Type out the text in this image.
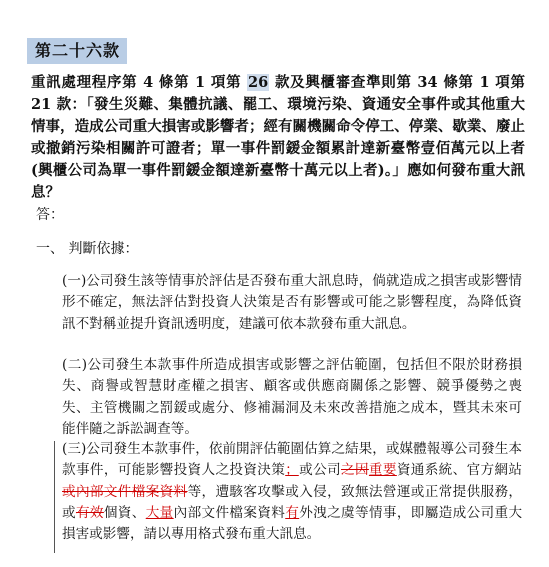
第二十六款
重訊處理程序第 4 條第 1 項第 26 款及興櫃審查準則第 34 條第 1 項第 21 款：「發生災難、集體抗議、罷工、環境污染、資通安全事件或其他重大情事，造成公司重大損害或影響者；經有關機關命令停工、停業、歇業、廢止或撤銷污染相關許可證者；單一事件罰鍰金額累計達新臺幣壹佰萬元以上者(興櫃公司為單一事件罰鍰金額達新臺幣十萬元以上者)。」應如何發布重大訊息？
答：
一、 判斷依據：
(一)公司發生該等情事於評估是否發布重大訊息時，倘就造成之損害或影響情形不確定，無法評估對投資人決策是否有影響或可能之影響程度，為降低資訊不對稱並提升資訊透明度，建議可依本款發布重大訊息。
(二)公司發生本款事件所造成損害或影響之評估範圍，包括但不限於財務損失、商譽或智慧財產權之損害、顧客或供應商關係之影響、競爭優勢之喪失、主管機關之罰鍰或處分、修補漏洞及未來改善措施之成本，暨其未來可能伴隨之訴訟調查等。
(三)公司發生本款事件，依前開評估範圍估算之結果，或媒體報導公司發生本款事件，可能影響投資人之投資決策；或公司之因重要資通系統、官方網站或內部文件檔案資料等，遭駭客攻擊或入侵，致無法營運或正常提供服務，或有效個資、大量內部文件檔案資料有外洩之虞等情事，即屬造成公司重大損害或影響，請以專用格式發布重大訊息。
